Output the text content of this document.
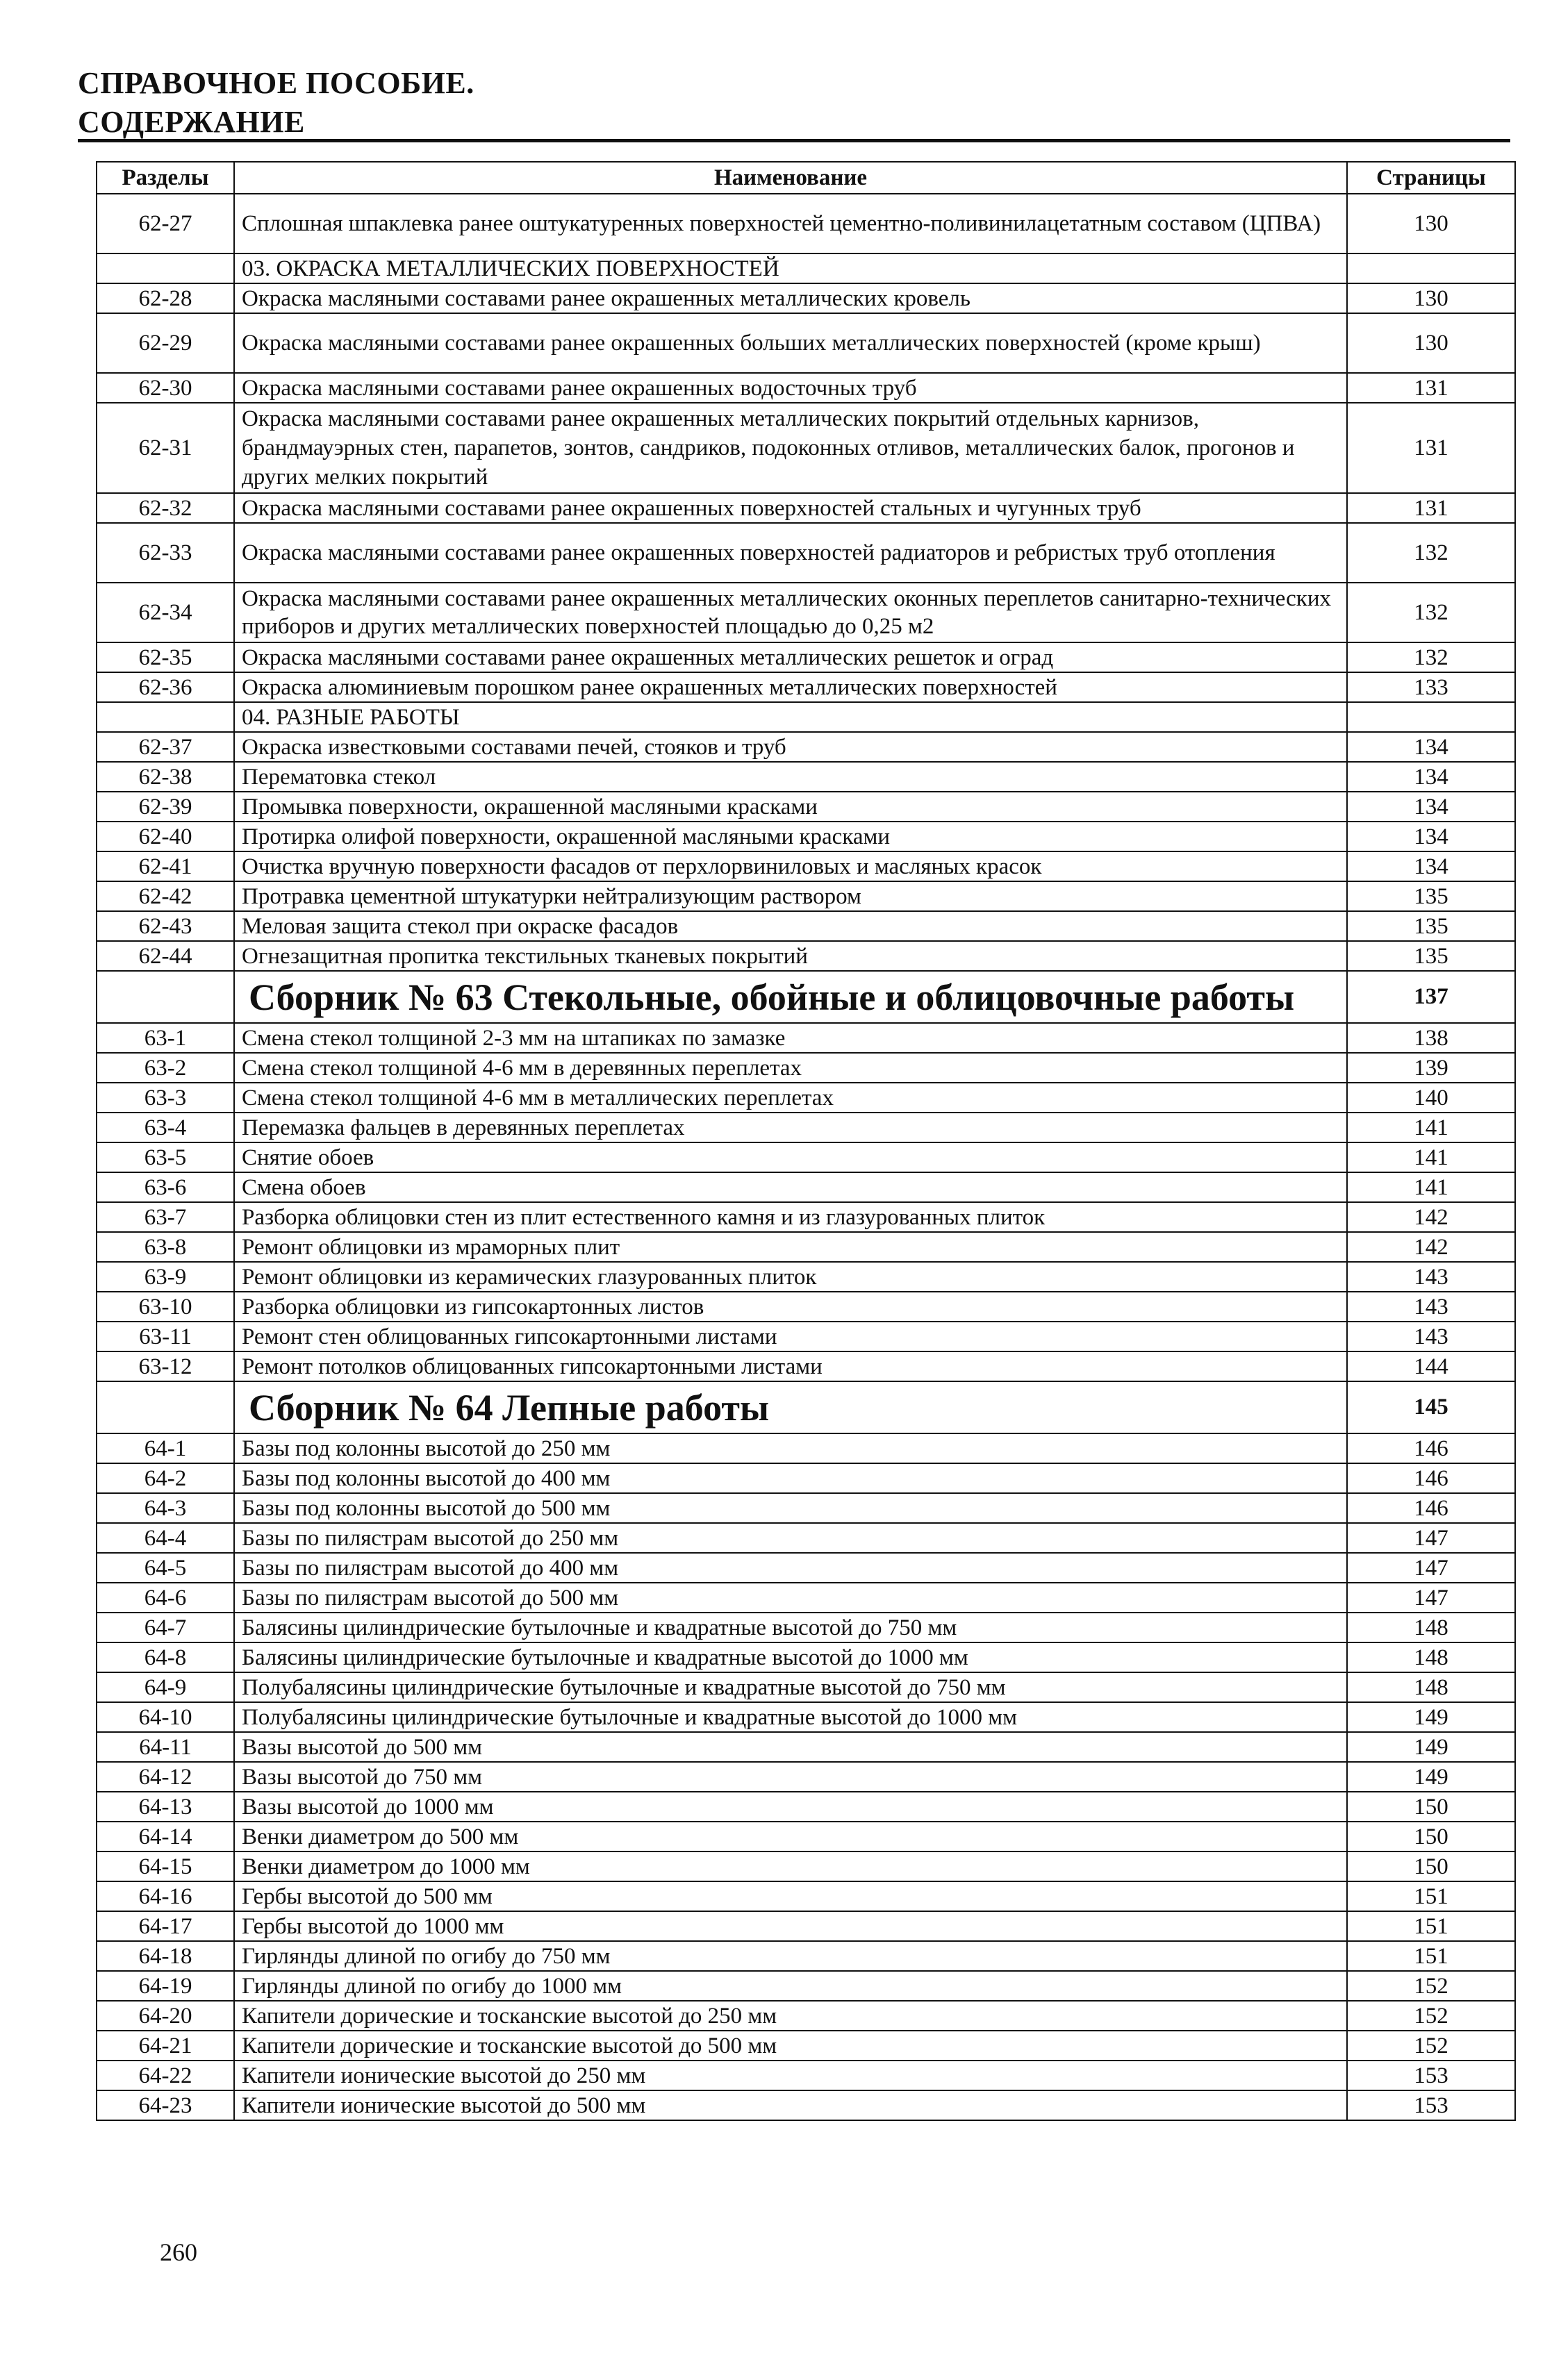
СПРАВОЧНОЕ ПОСОБИЕ.
СОДЕРЖАНИЕ
Разделы	Наименование	Страницы
62-27	Сплошная шпаклевка ранее оштукатуренных поверхностей цементно-поливинилацетатным составом (ЦПВА)	130
	03. ОКРАСКА МЕТАЛЛИЧЕСКИХ ПОВЕРХНОСТЕЙ	
62-28	Окраска масляными составами ранее окрашенных металлических кровель	130
62-29	Окраска масляными составами ранее окрашенных больших металлических поверхностей (кроме крыш)	130
62-30	Окраска масляными составами ранее окрашенных водосточных труб	131
62-31	Окраска масляными составами ранее окрашенных металлических покрытий отдельных карнизов, брандмауэрных стен, парапетов, зонтов, сандриков, подоконных отливов, металлических балок, прогонов и других мелких покрытий	131
62-32	Окраска масляными составами ранее окрашенных поверхностей стальных и чугунных труб	131
62-33	Окраска масляными составами ранее окрашенных поверхностей радиаторов и ребристых труб отопления	132
62-34	Окраска масляными составами ранее окрашенных металлических оконных переплетов санитарно-технических приборов и других металлических поверхностей площадью до 0,25 м2	132
62-35	Окраска масляными составами ранее окрашенных металлических решеток и оград	132
62-36	Окраска алюминиевым порошком ранее окрашенных металлических поверхностей	133
	04. РАЗНЫЕ РАБОТЫ	
62-37	Окраска известковыми составами печей, стояков и труб	134
62-38	Перематовка стекол	134
62-39	Промывка поверхности, окрашенной масляными красками	134
62-40	Протирка олифой поверхности, окрашенной масляными красками	134
62-41	Очистка вручную поверхности фасадов от перхлорвиниловых и масляных красок	134
62-42	Протравка цементной штукатурки нейтрализующим раствором	135
62-43	Меловая защита стекол при окраске фасадов	135
62-44	Огнезащитная пропитка текстильных тканевых покрытий	135
	Сборник № 63 Стекольные, обойные и облицовочные работы	137
63-1	Смена стекол толщиной 2-3 мм на штапиках по замазке	138
63-2	Смена стекол толщиной 4-6 мм в деревянных переплетах	139
63-3	Смена стекол толщиной 4-6 мм в металлических переплетах	140
63-4	Перемазка фальцев в деревянных переплетах	141
63-5	Снятие обоев	141
63-6	Смена обоев	141
63-7	Разборка облицовки стен из плит естественного камня и из глазурованных плиток	142
63-8	Ремонт облицовки из мраморных плит	142
63-9	Ремонт облицовки из керамических глазурованных плиток	143
63-10	Разборка облицовки из гипсокартонных листов	143
63-11	Ремонт стен облицованных гипсокартонными листами	143
63-12	Ремонт потолков облицованных гипсокартонными листами	144
	Сборник № 64 Лепные работы	145
64-1	Базы под колонны высотой до 250 мм	146
64-2	Базы под колонны высотой до 400 мм	146
64-3	Базы под колонны высотой до 500 мм	146
64-4	Базы по пилястрам высотой до 250 мм	147
64-5	Базы по пилястрам высотой до 400 мм	147
64-6	Базы по пилястрам высотой до 500 мм	147
64-7	Балясины цилиндрические бутылочные и квадратные высотой до 750 мм	148
64-8	Балясины цилиндрические бутылочные и квадратные высотой до 1000 мм	148
64-9	Полубалясины цилиндрические бутылочные и квадратные высотой до 750 мм	148
64-10	Полубалясины цилиндрические бутылочные и квадратные высотой до 1000 мм	149
64-11	Вазы высотой до 500 мм	149
64-12	Вазы высотой до 750 мм	149
64-13	Вазы высотой до 1000 мм	150
64-14	Венки диаметром до 500 мм	150
64-15	Венки диаметром до 1000 мм	150
64-16	Гербы высотой до 500 мм	151
64-17	Гербы высотой до 1000 мм	151
64-18	Гирлянды длиной по огибу до 750 мм	151
64-19	Гирлянды длиной по огибу до 1000 мм	152
64-20	Капители дорические и тосканские высотой до 250 мм	152
64-21	Капители дорические и тосканские высотой до 500 мм	152
64-22	Капители ионические высотой до 250 мм	153
64-23	Капители ионические высотой до 500 мм	153
260
